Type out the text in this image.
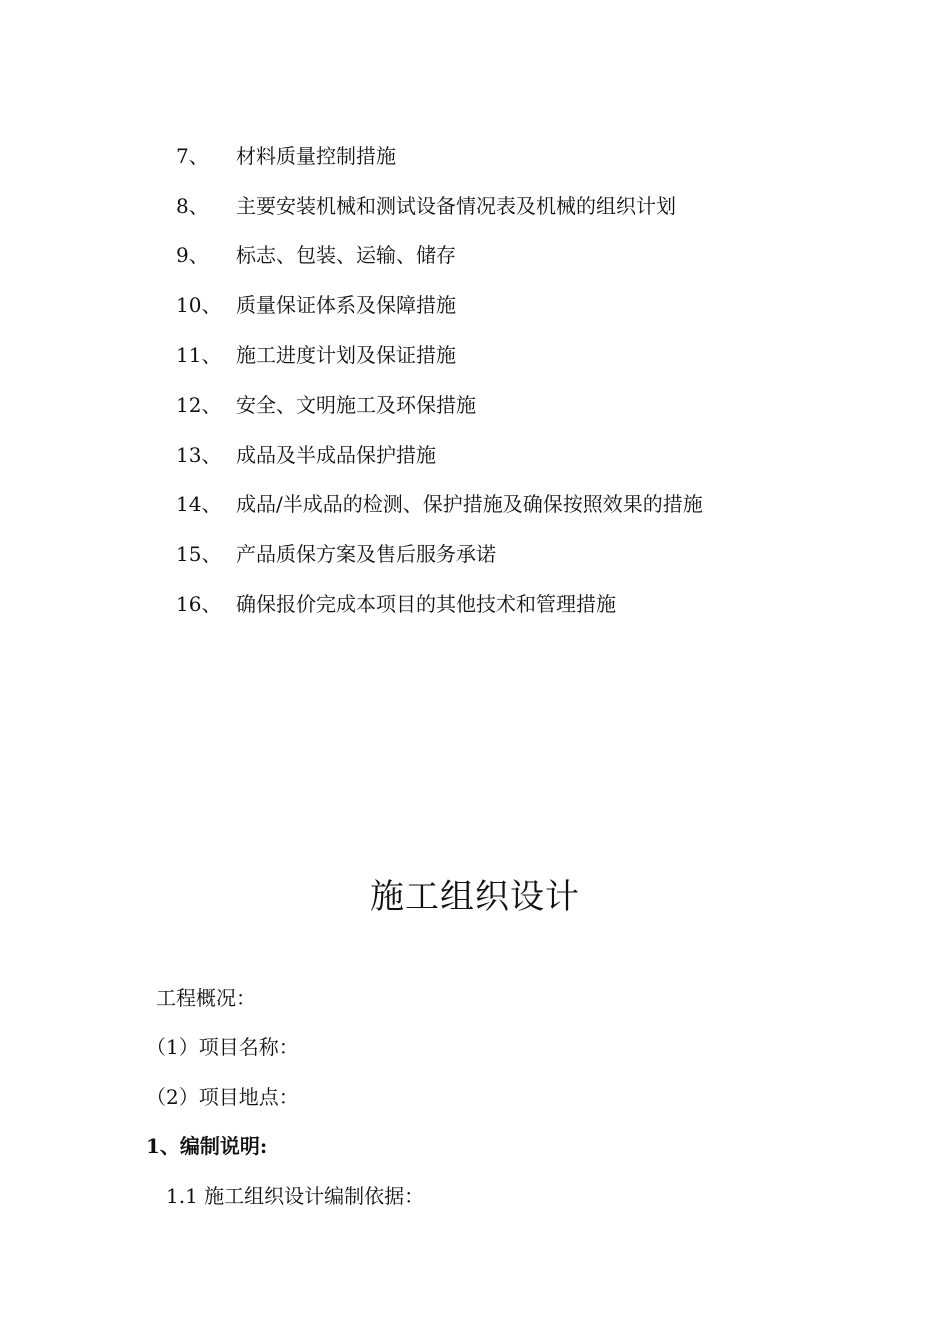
7、	材料质量控制措施
8、	主要安装机械和测试设备情况表及机械的组织计划
9、	标志、包装、运输、储存
10、 质量保证体系及保障措施
11、 施工进度计划及保证措施
12、 安全、文明施工及环保措施
13、 成品及半成品保护措施
14、 成品/半成品的检测、保护措施及确保按照效果的措施
15、 产品质保方案及售后服务承诺
16、 确保报价完成本项目的其他技术和管理措施
施工组织设计
工程概况：
（1）项目名称：
（2）项目地点：
1、编制说明:
1.1 施工组织设计编制依据：
